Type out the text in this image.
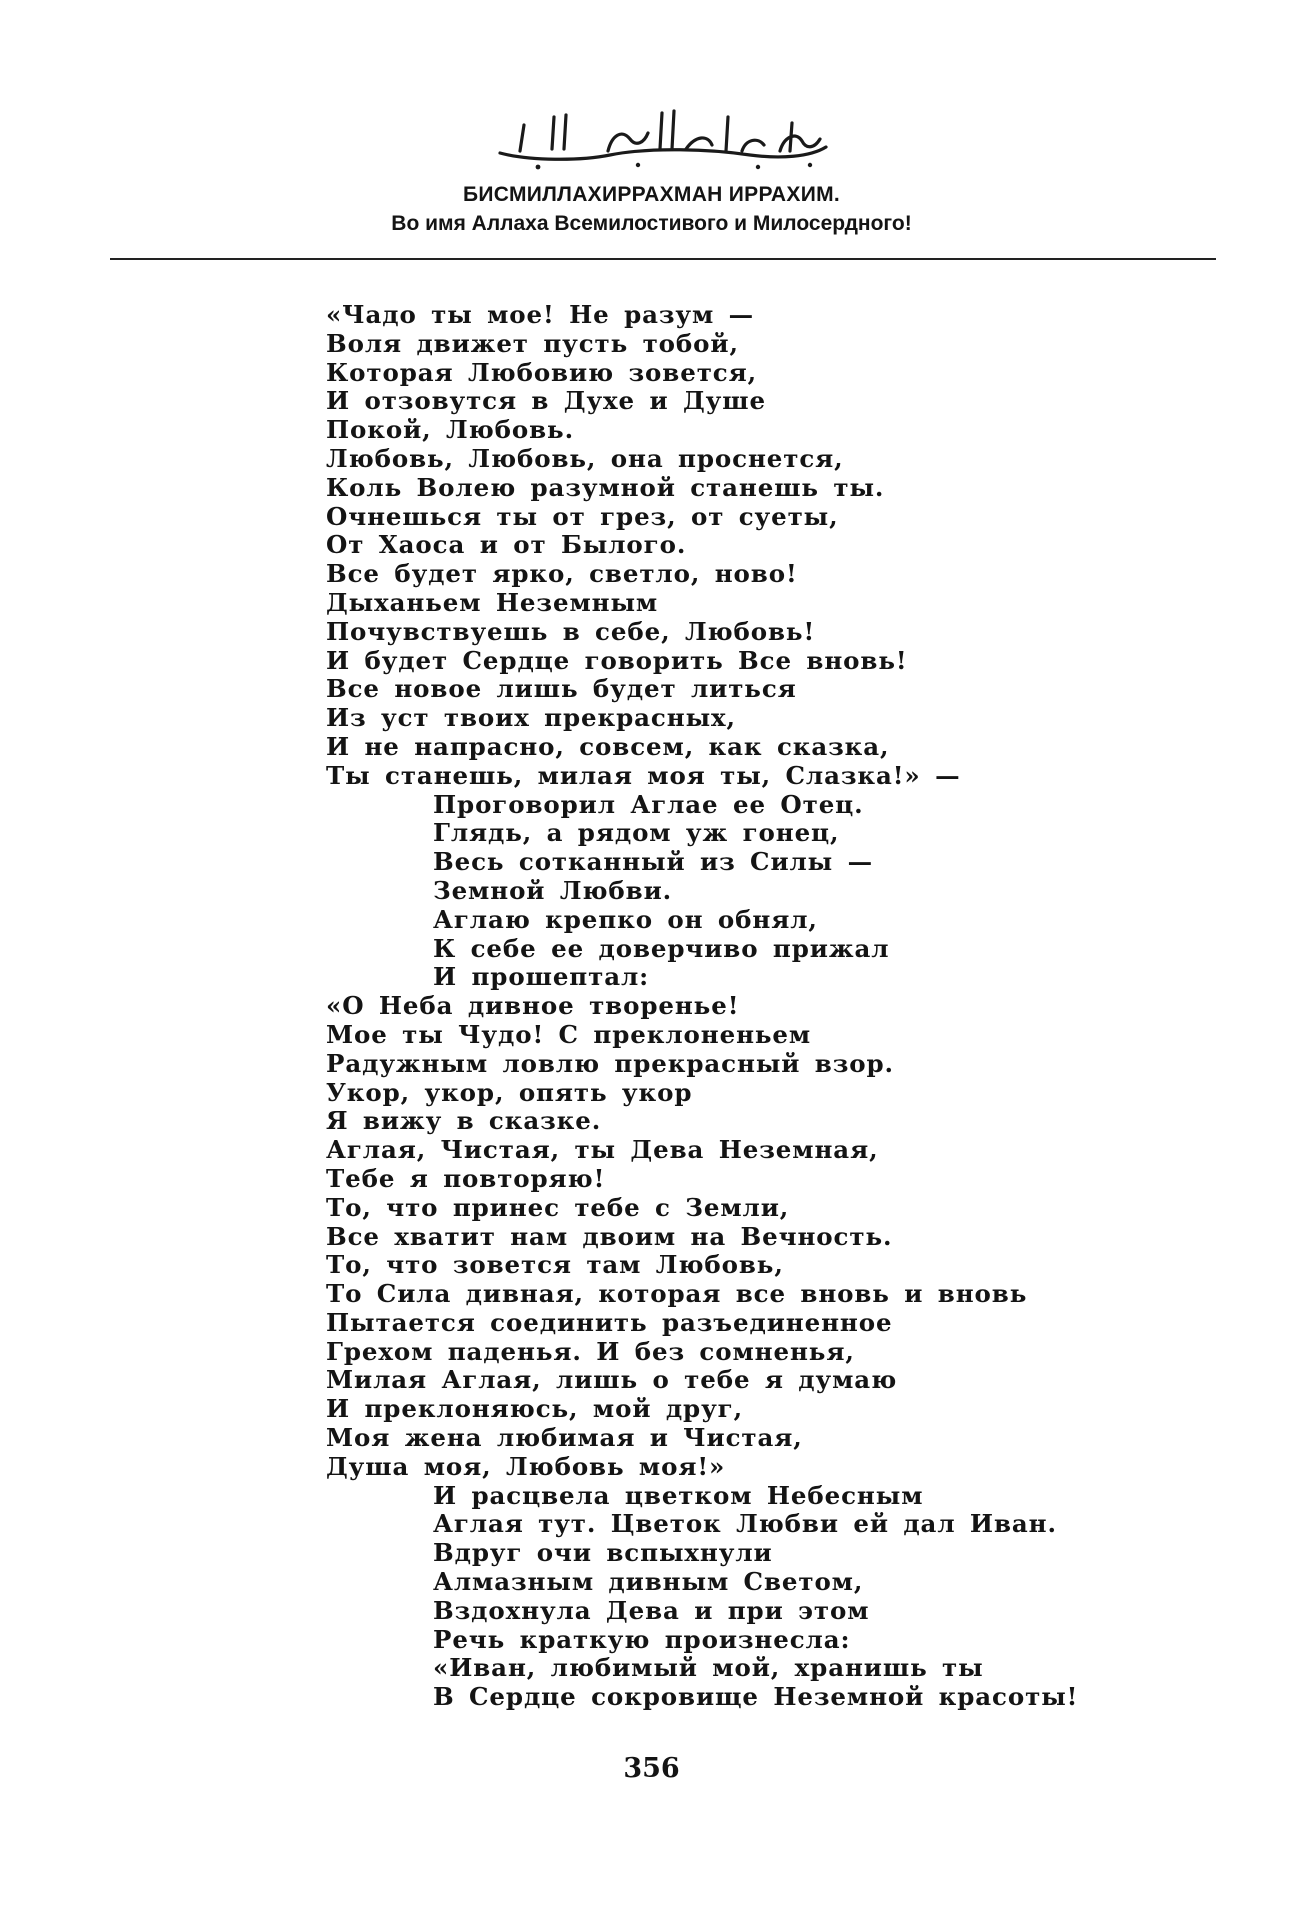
БИСМИЛЛАХИРРАХМАН ИРРАХИМ.
Во имя Аллаха Всемилостивого и Милосердного!
«Чадо ты мое! Не разум —
Воля движет пусть тобой,
Которая Любовию зовется,
И отзовутся в Духе и Душе
Покой, Любовь.
Любовь, Любовь, она проснется,
Коль Волею разумной станешь ты.
Очнешься ты от грез, от суеты,
От Хаоса и от Былого.
Все будет ярко, светло, ново!
Дыханьем Неземным
Почувствуешь в себе, Любовь!
И будет Сердце говорить Все вновь!
Все новое лишь будет литься
Из уст твоих прекрасных,
И не напрасно, совсем, как сказка,
Ты станешь, милая моя ты, Слазка!» —
Проговорил Аглае ее Отец.
Глядь, а рядом уж гонец,
Весь сотканный из Силы —
Земной Любви.
Аглаю крепко он обнял,
К себе ее доверчиво прижал
И прошептал:
«О Неба дивное творенье!
Мое ты Чудо! С преклоненьем
Радужным ловлю прекрасный взор.
Укор, укор, опять укор
Я вижу в сказке.
Аглая, Чистая, ты Дева Неземная,
Тебе я повторяю!
То, что принес тебе с Земли,
Все хватит нам двоим на Вечность.
То, что зовется там Любовь,
То Сила дивная, которая все вновь и вновь
Пытается соединить разъединенное
Грехом паденья. И без сомненья,
Милая Аглая, лишь о тебе я думаю
И преклоняюсь, мой друг,
Моя жена любимая и Чистая,
Душа моя, Любовь моя!»
И расцвела цветком Небесным
Аглая тут. Цветок Любви ей дал Иван.
Вдруг очи вспыхнули
Алмазным дивным Светом,
Вздохнула Дева и при этом
Речь краткую произнесла:
«Иван, любимый мой, хранишь ты
В Сердце сокровище Неземной красоты!
356
